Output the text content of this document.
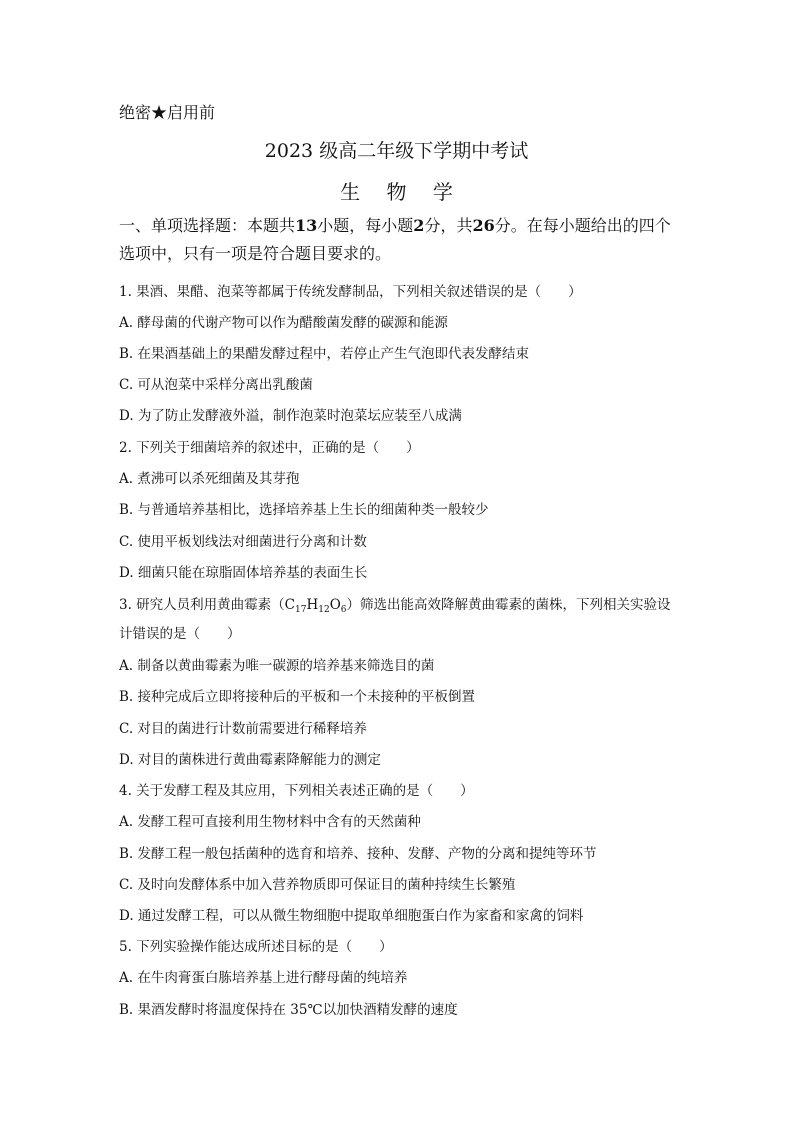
绝密★启用前
2023 级高二年级下学期中考试
生 物 学
一、单项选择题：本题共13小题，每小题2分，共26分。在每小题给出的四个选项中，只有一项是符合题目要求的。
1. 果酒、果醋、泡菜等都属于传统发酵制品，下列相关叙述错误的是（　　）
A. 酵母菌的代谢产物可以作为醋酸菌发酵的碳源和能源
B. 在果酒基础上的果醋发酵过程中，若停止产生气泡即代表发酵结束
C. 可从泡菜中采样分离出乳酸菌
D. 为了防止发酵液外溢，制作泡菜时泡菜坛应装至八成满
2. 下列关于细菌培养的叙述中，正确的是（　　）
A. 煮沸可以杀死细菌及其芽孢
B. 与普通培养基相比，选择培养基上生长的细菌种类一般较少
C. 使用平板划线法对细菌进行分离和计数
D. 细菌只能在琼脂固体培养基的表面生长
3. 研究人员利用黄曲霉素$(C_{17}H_{12}O_6)$筛选出能高效降解黄曲霉素的菌株，下列相关实验设
计错误的是（　　）
A. 制备以黄曲霉素为唯一碳源的培养基来筛选目的菌
B. 接种完成后立即将接种后的平板和一个未接种的平板倒置
C. 对目的菌进行计数前需要进行稀释培养
D. 对目的菌株进行黄曲霉素降解能力的测定
4. 关于发酵工程及其应用，下列相关表述正确的是（　　）
A. 发酵工程可直接利用生物材料中含有的天然菌种
B. 发酵工程一般包括菌种的选育和培养、接种、发酵、产物的分离和提纯等环节
C. 及时向发酵体系中加入营养物质即可保证目的菌种持续生长繁殖
D. 通过发酵工程，可以从微生物细胞中提取单细胞蛋白作为家畜和家禽的饲料
5. 下列实验操作能达成所述目标的是（　　）
A. 在牛肉膏蛋白胨培养基上进行酵母菌的纯培养
B. 果酒发酵时将温度保持在 35℃以加快酒精发酵的速度
